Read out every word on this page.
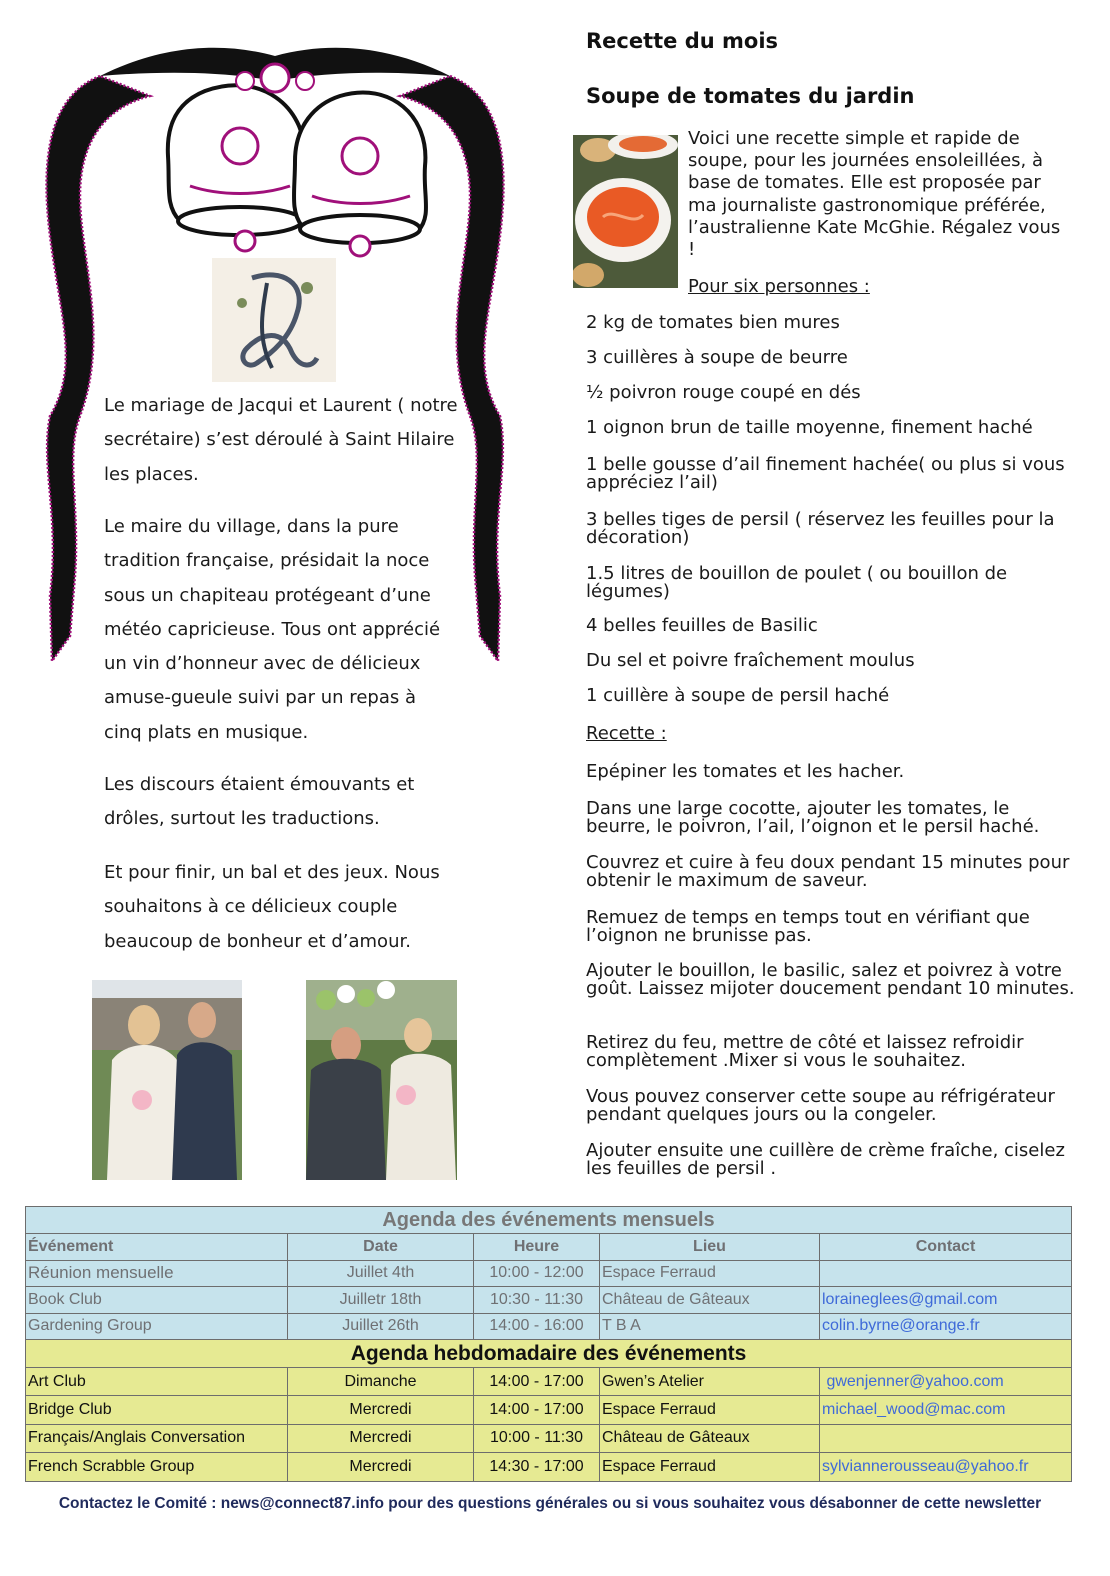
Le mariage de Jacqui et Laurent ( notre secrétaire) s’est déroulé à Saint Hilaire les places.
Le maire du village, dans la pure tradition française, présidait la noce sous un chapiteau protégeant d’une météo capricieuse. Tous ont apprécié un vin d’honneur avec de délicieux amuse-gueule suivi par un repas à cinq plats en musique.
Les discours étaient émouvants et drôles, surtout les traductions.
Et pour finir, un bal et des jeux. Nous souhaitons à ce délicieux couple beaucoup de bonheur et d’amour.
Recette du mois
Soupe de tomates du jardin
Voici une recette simple et rapide de soupe, pour les journées ensoleillées, à base de tomates. Elle est proposée par ma journaliste gastronomique préférée, l’australienne Kate McGhie. Régalez vous !
Pour six personnes :
2 kg de tomates bien mures
3 cuillères à soupe de beurre
½ poivron rouge coupé en dés
1 oignon brun de taille moyenne, finement haché
1 belle gousse d’ail finement hachée( ou plus si vous appréciez l’ail)
3 belles tiges de persil ( réservez les feuilles pour la décoration)
1.5 litres de bouillon de poulet ( ou bouillon de légumes)
4 belles feuilles de Basilic
Du sel et poivre fraîchement moulus
1 cuillère à soupe de persil haché
Recette :
Epépiner les tomates et les hacher.
Dans une large cocotte, ajouter les tomates, le beurre, le poivron, l’ail, l’oignon et le persil haché.
Couvrez et cuire à feu doux pendant 15 minutes pour obtenir le maximum de saveur.
Remuez de temps en temps tout en vérifiant que l’oignon ne brunisse pas.
Ajouter le bouillon, le basilic, salez et poivrez à votre goût. Laissez mijoter doucement pendant 10 minutes.
Retirez du feu, mettre de côté et laissez refroidir complètement .Mixer si vous le souhaitez.
Vous pouvez conserver cette soupe au réfrigérateur pendant quelques jours ou la congeler.
Ajouter ensuite une cuillère de crème fraîche, ciselez les feuilles de persil .
Agenda des événements mensuels				
Événement	Date	Heure	Lieu	Contact
Réunion mensuelle	Juillet 4th	10:00 - 12:00	Espace Ferraud	
Book Club	Juilletr 18th	10:30 - 11:30	Château de Gâteaux	loraineglees@gmail.com
Gardening Group	Juillet 26th	14:00 - 16:00	T B A	colin.byrne@orange.fr
Agenda hebdomadaire des événements				
Art Club	Dimanche	14:00 - 17:00	Gwen’s Atelier	gwenjenner@yahoo.com
Bridge Club	Mercredi	14:00 - 17:00	Espace Ferraud	michael_wood@mac.com
Français/Anglais Conversation	Mercredi	10:00 - 11:30	Château de Gâteaux	
French Scrabble Group	Mercredi	14:30 - 17:00	Espace Ferraud	sylviannerousseau@yahoo.fr
Contactez le Comité : news@connect87.info pour des questions générales ou si vous souhaitez vous désabonner de cette newsletter
